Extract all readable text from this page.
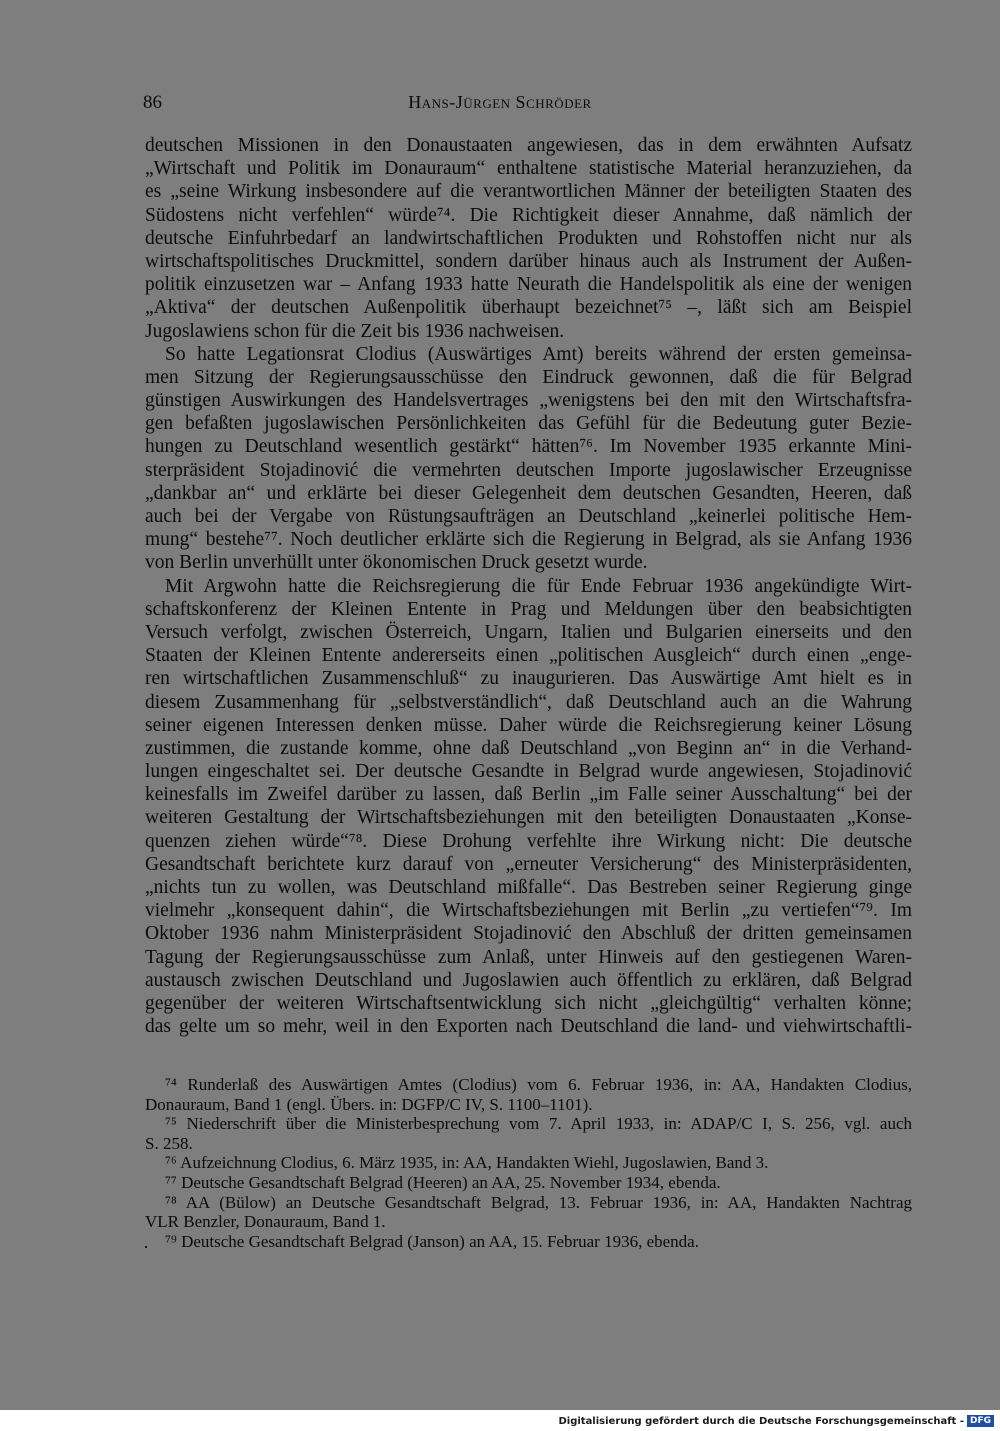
86	Hans-Jürgen Schröder
deutschen Missionen in den Donaustaaten angewiesen, das in dem erwähnten Aufsatz
„Wirtschaft und Politik im Donauraum“ enthaltene statistische Material heranzuziehen, da
es „seine Wirkung insbesondere auf die verantwortlichen Männer der beteiligten Staaten des
Südostens nicht verfehlen“ würde⁷⁴. Die Richtigkeit dieser Annahme, daß nämlich der
deutsche Einfuhrbedarf an landwirtschaftlichen Produkten und Rohstoffen nicht nur als
wirtschaftspolitisches Druckmittel, sondern darüber hinaus auch als Instrument der Außen-
politik einzusetzen war – Anfang 1933 hatte Neurath die Handelspolitik als eine der wenigen
„Aktiva“ der deutschen Außenpolitik überhaupt bezeichnet⁷⁵ –, läßt sich am Beispiel
Jugoslawiens schon für die Zeit bis 1936 nachweisen.
So hatte Legationsrat Clodius (Auswärtiges Amt) bereits während der ersten gemeinsa-
men Sitzung der Regierungsausschüsse den Eindruck gewonnen, daß die für Belgrad
günstigen Auswirkungen des Handelsvertrages „wenigstens bei den mit den Wirtschaftsfra-
gen befaßten jugoslawischen Persönlichkeiten das Gefühl für die Bedeutung guter Bezie-
hungen zu Deutschland wesentlich gestärkt“ hätten⁷⁶. Im November 1935 erkannte Mini-
sterpräsident Stojadinović die vermehrten deutschen Importe jugoslawischer Erzeugnisse
„dankbar an“ und erklärte bei dieser Gelegenheit dem deutschen Gesandten, Heeren, daß
auch bei der Vergabe von Rüstungsaufträgen an Deutschland „keinerlei politische Hem-
mung“ bestehe⁷⁷. Noch deutlicher erklärte sich die Regierung in Belgrad, als sie Anfang 1936
von Berlin unverhüllt unter ökonomischen Druck gesetzt wurde.
Mit Argwohn hatte die Reichsregierung die für Ende Februar 1936 angekündigte Wirt-
schaftskonferenz der Kleinen Entente in Prag und Meldungen über den beabsichtigten
Versuch verfolgt, zwischen Österreich, Ungarn, Italien und Bulgarien einerseits und den
Staaten der Kleinen Entente andererseits einen „politischen Ausgleich“ durch einen „enge-
ren wirtschaftlichen Zusammenschluß“ zu inaugurieren. Das Auswärtige Amt hielt es in
diesem Zusammenhang für „selbstverständlich“, daß Deutschland auch an die Wahrung
seiner eigenen Interessen denken müsse. Daher würde die Reichsregierung keiner Lösung
zustimmen, die zustande komme, ohne daß Deutschland „von Beginn an“ in die Verhand-
lungen eingeschaltet sei. Der deutsche Gesandte in Belgrad wurde angewiesen, Stojadinović
keinesfalls im Zweifel darüber zu lassen, daß Berlin „im Falle seiner Ausschaltung“ bei der
weiteren Gestaltung der Wirtschaftsbeziehungen mit den beteiligten Donaustaaten „Konse-
quenzen ziehen würde“⁷⁸. Diese Drohung verfehlte ihre Wirkung nicht: Die deutsche
Gesandtschaft berichtete kurz darauf von „erneuter Versicherung“ des Ministerpräsidenten,
„nichts tun zu wollen, was Deutschland mißfalle“. Das Bestreben seiner Regierung ginge
vielmehr „konsequent dahin“, die Wirtschaftsbeziehungen mit Berlin „zu vertiefen“⁷⁹. Im
Oktober 1936 nahm Ministerpräsident Stojadinović den Abschluß der dritten gemeinsamen
Tagung der Regierungsausschüsse zum Anlaß, unter Hinweis auf den gestiegenen Waren-
austausch zwischen Deutschland und Jugoslawien auch öffentlich zu erklären, daß Belgrad
gegenüber der weiteren Wirtschaftsentwicklung sich nicht „gleichgültig“ verhalten könne;
das gelte um so mehr, weil in den Exporten nach Deutschland die land- und viehwirtschaftli-
⁷⁴ Runderlaß des Auswärtigen Amtes (Clodius) vom 6. Februar 1936, in: AA, Handakten Clodius,
Donauraum, Band 1 (engl. Übers. in: DGFP/C IV, S. 1100–1101).
⁷⁵ Niederschrift über die Ministerbesprechung vom 7. April 1933, in: ADAP/C I, S. 256, vgl. auch
S. 258.
⁷⁶ Aufzeichnung Clodius, 6. März 1935, in: AA, Handakten Wiehl, Jugoslawien, Band 3.
⁷⁷ Deutsche Gesandtschaft Belgrad (Heeren) an AA, 25. November 1934, ebenda.
⁷⁸ AA (Bülow) an Deutsche Gesandtschaft Belgrad, 13. Februar 1936, in: AA, Handakten Nachtrag
VLR Benzler, Donauraum, Band 1.
⁷⁹ Deutsche Gesandtschaft Belgrad (Janson) an AA, 15. Februar 1936, ebenda.
Digitalisierung gefördert durch die Deutsche Forschungsgemeinschaft - DFG
